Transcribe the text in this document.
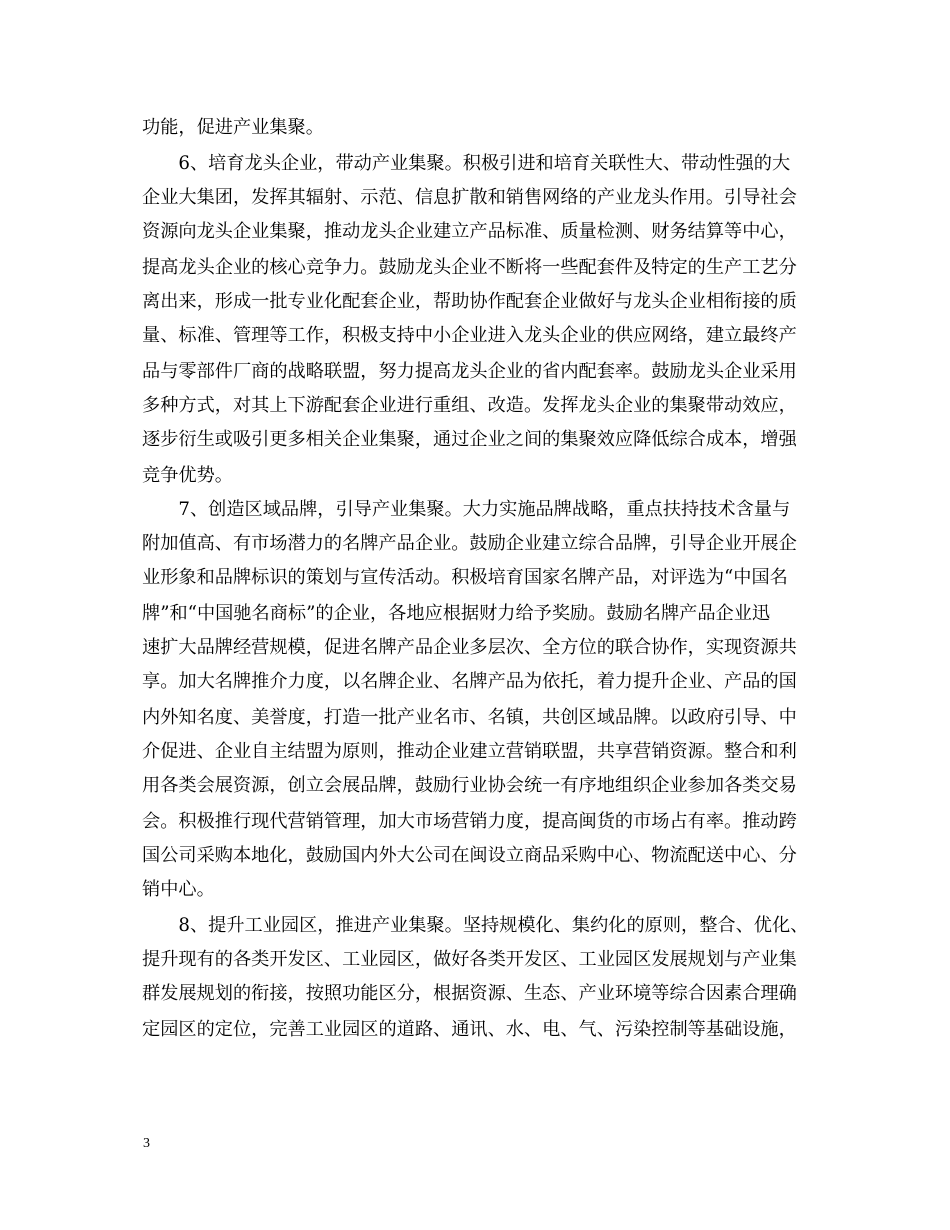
功能，促进产业集聚。
　　6、培育龙头企业，带动产业集聚。积极引进和培育关联性大、带动性强的大
企业大集团，发挥其辐射、示范、信息扩散和销售网络的产业龙头作用。引导社会
资源向龙头企业集聚，推动龙头企业建立产品标准、质量检测、财务结算等中心，
提高龙头企业的核心竞争力。鼓励龙头企业不断将一些配套件及特定的生产工艺分
离出来，形成一批专业化配套企业，帮助协作配套企业做好与龙头企业相衔接的质
量、标准、管理等工作，积极支持中小企业进入龙头企业的供应网络，建立最终产
品与零部件厂商的战略联盟，努力提高龙头企业的省内配套率。鼓励龙头企业采用
多种方式，对其上下游配套企业进行重组、改造。发挥龙头企业的集聚带动效应，
逐步衍生或吸引更多相关企业集聚，通过企业之间的集聚效应降低综合成本，增强
竞争优势。
　　7、创造区域品牌，引导产业集聚。大力实施品牌战略，重点扶持技术含量与
附加值高、有市场潜力的名牌产品企业。鼓励企业建立综合品牌，引导企业开展企
业形象和品牌标识的策划与宣传活动。积极培育国家名牌产品，对评选为“中国名
牌”和“中国驰名商标”的企业，各地应根据财力给予奖励。鼓励名牌产品企业迅
速扩大品牌经营规模，促进名牌产品企业多层次、全方位的联合协作，实现资源共
享。加大名牌推介力度，以名牌企业、名牌产品为依托，着力提升企业、产品的国
内外知名度、美誉度，打造一批产业名市、名镇，共创区域品牌。以政府引导、中
介促进、企业自主结盟为原则，推动企业建立营销联盟，共享营销资源。整合和利
用各类会展资源，创立会展品牌，鼓励行业协会统一有序地组织企业参加各类交易
会。积极推行现代营销管理，加大市场营销力度，提高闽货的市场占有率。推动跨
国公司采购本地化，鼓励国内外大公司在闽设立商品采购中心、物流配送中心、分
销中心。
　　8、提升工业园区，推进产业集聚。坚持规模化、集约化的原则，整合、优化、
提升现有的各类开发区、工业园区，做好各类开发区、工业园区发展规划与产业集
群发展规划的衔接，按照功能区分，根据资源、生态、产业环境等综合因素合理确
定园区的定位，完善工业园区的道路、通讯、水、电、气、污染控制等基础设施，
3
